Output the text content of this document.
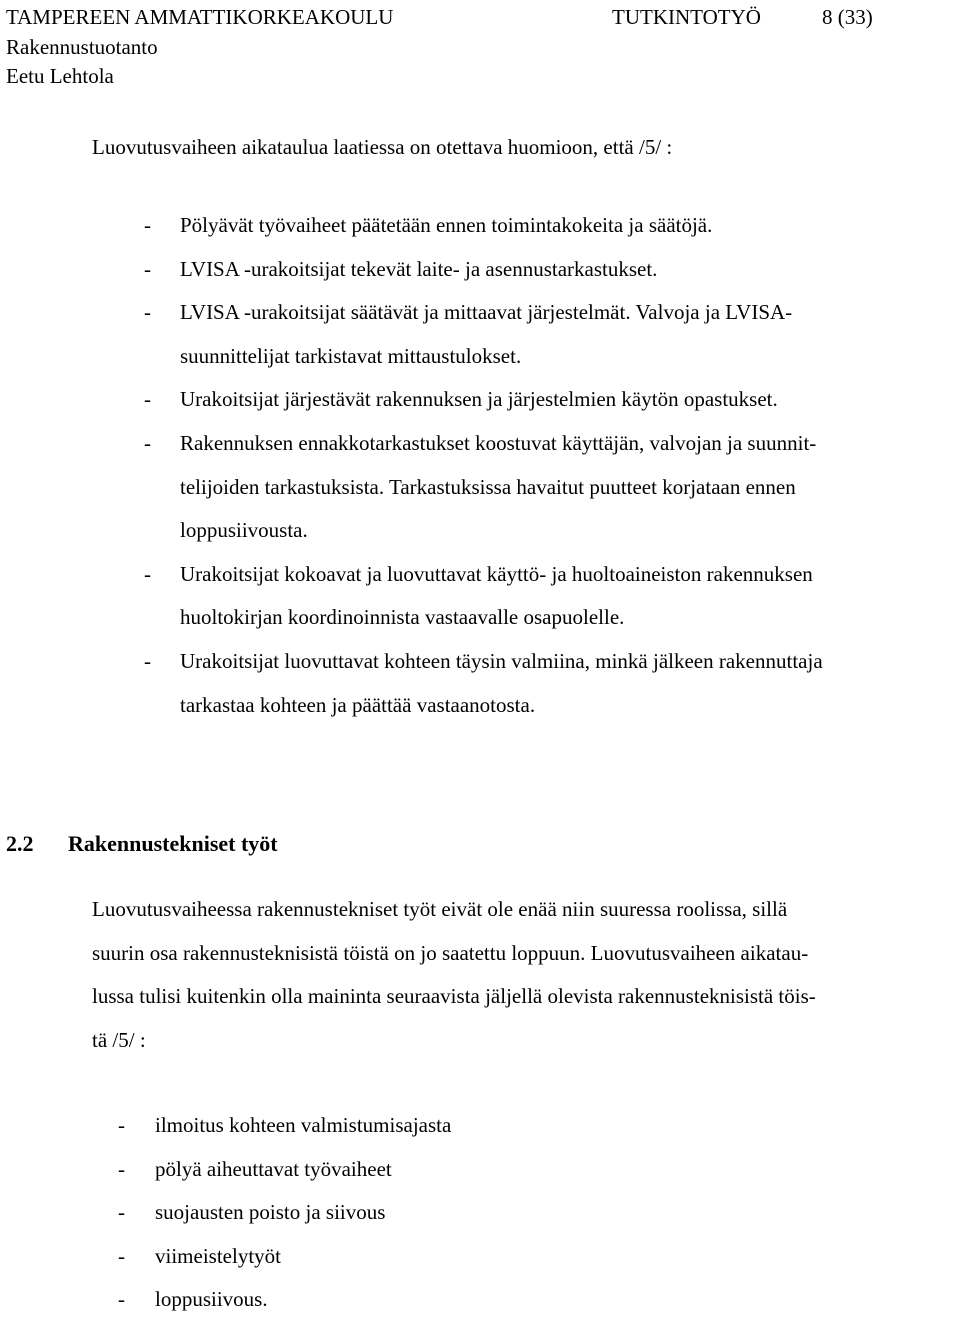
TAMPEREEN AMMATTIKORKEAKOULU	TUTKINTOTYÖ	8 (33)
Rakennustuotanto
Eetu Lehtola
Luovutusvaiheen aikataulua laatiessa on otettava huomioon, että /5/ :
- Pölyävät työvaiheet päätetään ennen toimintakokeita ja säätöjä.
- LVISA -urakoitsijat tekevät laite- ja asennustarkastukset.
- LVISA -urakoitsijat säätävät ja mittaavat järjestelmät. Valvoja ja LVISA-
suunnittelijat tarkistavat mittaustulokset.
- Urakoitsijat järjestävät rakennuksen ja järjestelmien käytön opastukset.
- Rakennuksen ennakkotarkastukset koostuvat käyttäjän, valvojan ja suunnit-
telijoiden tarkastuksista. Tarkastuksissa havaitut puutteet korjataan ennen
loppusiivousta.
- Urakoitsijat kokoavat ja luovuttavat käyttö- ja huoltoaineiston rakennuksen
huoltokirjan koordinoinnista vastaavalle osapuolelle.
- Urakoitsijat luovuttavat kohteen täysin valmiina, minkä jälkeen rakennuttaja
tarkastaa kohteen ja päättää vastaanotosta.
2.2 Rakennustekniset työt
Luovutusvaiheessa rakennustekniset työt eivät ole enää niin suuressa roolissa, sillä
suurin osa rakennusteknisistä töistä on jo saatettu loppuun. Luovutusvaiheen aikatau-
lussa tulisi kuitenkin olla maininta seuraavista jäljellä olevista rakennusteknisistä töis-
tä /5/ :
- ilmoitus kohteen valmistumisajasta
- pölyä aiheuttavat työvaiheet
- suojausten poisto ja siivous
- viimeistelytyöt
- loppusiivous.
